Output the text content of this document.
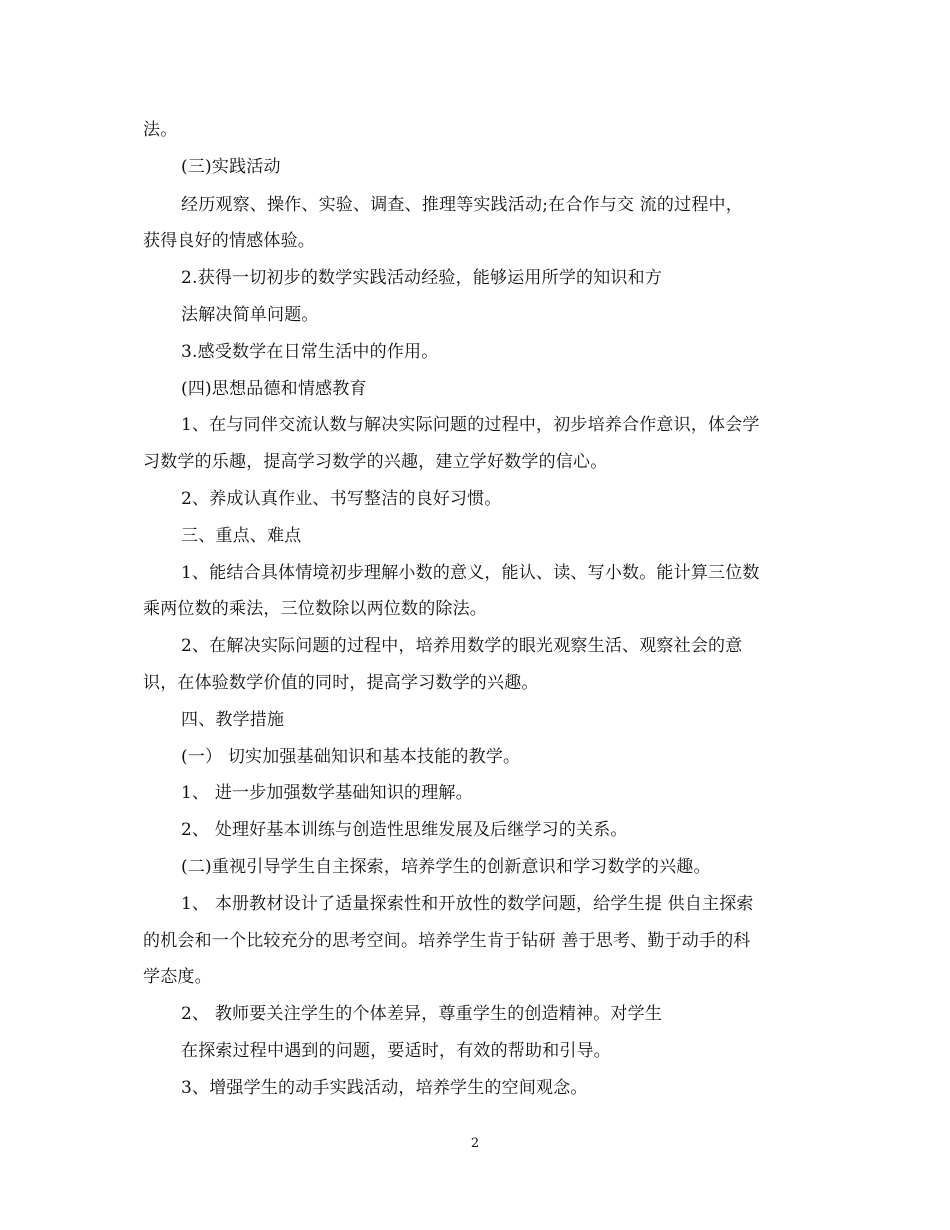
法。
(三)实践活动
经历观察、操作、实验、调查、推理等实践活动;在合作与交 流的过程中，
获得良好的情感体验。
2.获得一切初步的数学实践活动经验，能够运用所学的知识和方
法解决简单问题。
3.感受数学在日常生活中的作用。
(四)思想品德和情感教育
1、在与同伴交流认数与解决实际问题的过程中，初步培养合作意识，体会学
习数学的乐趣，提高学习数学的兴趣，建立学好数学的信心。
2、养成认真作业、书写整洁的良好习惯。
三、重点、难点
1、能结合具体情境初步理解小数的意义，能认、读、写小数。能计算三位数
乘两位数的乘法，三位数除以两位数的除法。
2、在解决实际问题的过程中，培养用数学的眼光观察生活、观察社会的意
识，在体验数学价值的同时，提高学习数学的兴趣。
四、教学措施
(一） 切实加强基础知识和基本技能的教学。
1、 进一步加强数学基础知识的理解。
2、 处理好基本训练与创造性思维发展及后继学习的关系。
(二)重视引导学生自主探索，培养学生的创新意识和学习数学的兴趣。
1、 本册教材设计了适量探索性和开放性的数学问题，给学生提 供自主探索
的机会和一个比较充分的思考空间。培养学生肯于钻研 善于思考、勤于动手的科
学态度。
2、 教师要关注学生的个体差异，尊重学生的创造精神。对学生
在探索过程中遇到的问题，要适时，有效的帮助和引导。
3、增强学生的动手实践活动，培养学生的空间观念。
2
